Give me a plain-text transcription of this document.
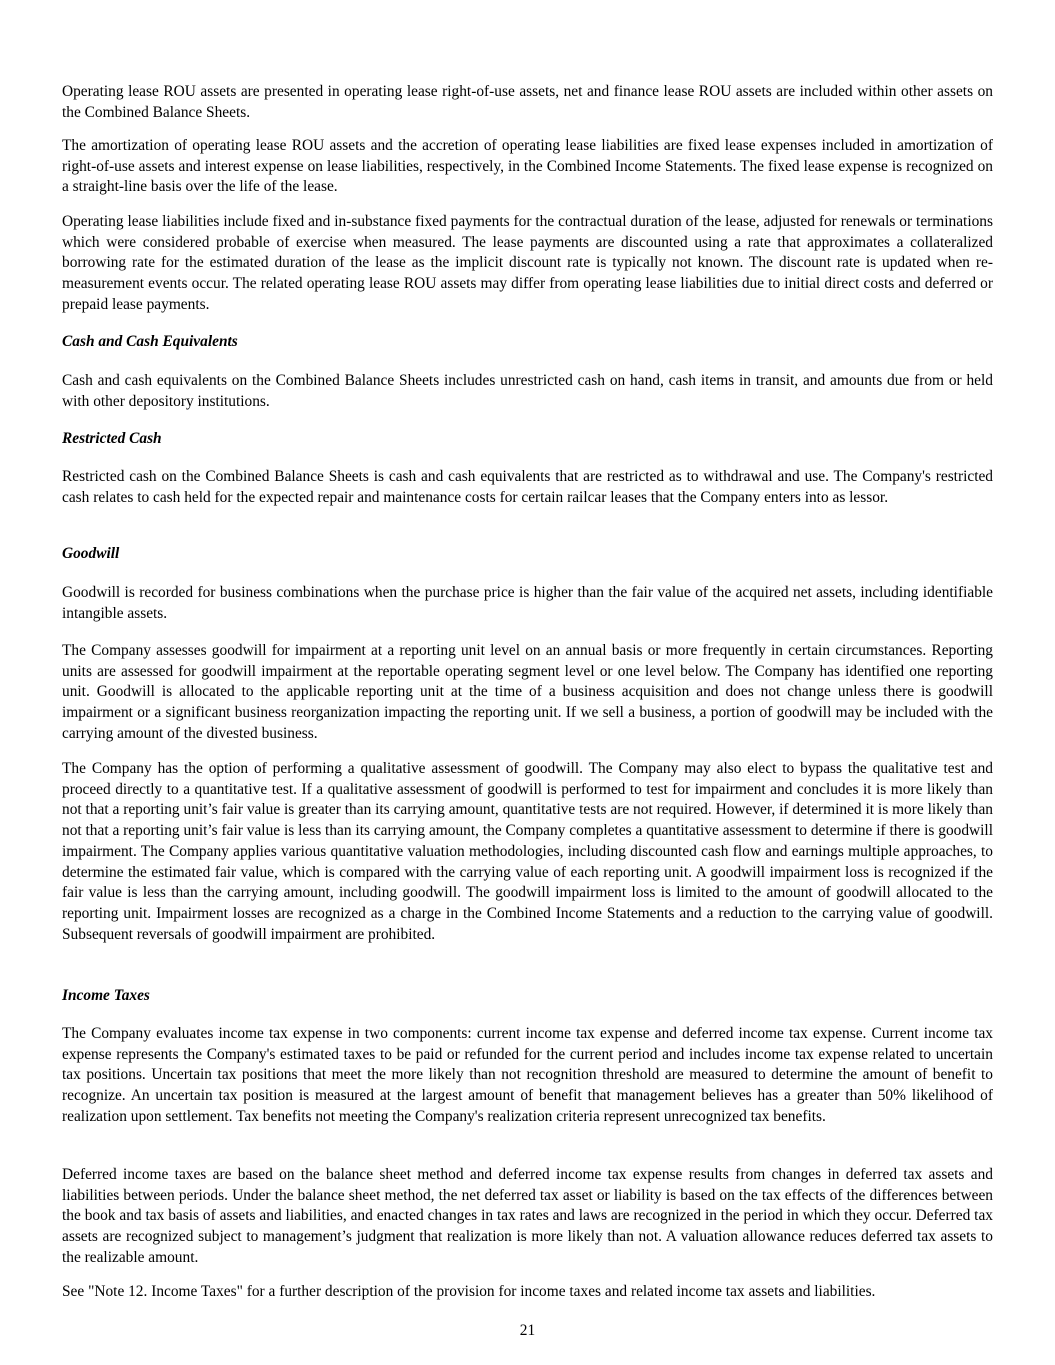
Operating lease ROU assets are presented in operating lease right-of-use assets, net and finance lease ROU assets are included within other assets on the Combined Balance Sheets.

The amortization of operating lease ROU assets and the accretion of operating lease liabilities are fixed lease expenses included in amortization of right-of-use assets and interest expense on lease liabilities, respectively, in the Combined Income Statements. The fixed lease expense is recognized on a straight-line basis over the life of the lease.

Operating lease liabilities include fixed and in-substance fixed payments for the contractual duration of the lease, adjusted for renewals or terminations which were considered probable of exercise when measured. The lease payments are discounted using a rate that approximates a collateralized borrowing rate for the estimated duration of the lease as the implicit discount rate is typically not known. The discount rate is updated when re-measurement events occur. The related operating lease ROU assets may differ from operating lease liabilities due to initial direct costs and deferred or prepaid lease payments.

Cash and Cash Equivalents

Cash and cash equivalents on the Combined Balance Sheets includes unrestricted cash on hand, cash items in transit, and amounts due from or held with other depository institutions.

Restricted Cash

Restricted cash on the Combined Balance Sheets is cash and cash equivalents that are restricted as to withdrawal and use. The Company's restricted cash relates to cash held for the expected repair and maintenance costs for certain railcar leases that the Company enters into as lessor.

Goodwill

Goodwill is recorded for business combinations when the purchase price is higher than the fair value of the acquired net assets, including identifiable intangible assets.

The Company assesses goodwill for impairment at a reporting unit level on an annual basis or more frequently in certain circumstances. Reporting units are assessed for goodwill impairment at the reportable operating segment level or one level below. The Company has identified one reporting unit. Goodwill is allocated to the applicable reporting unit at the time of a business acquisition and does not change unless there is goodwill impairment or a significant business reorganization impacting the reporting unit. If we sell a business, a portion of goodwill may be included with the carrying amount of the divested business.

The Company has the option of performing a qualitative assessment of goodwill. The Company may also elect to bypass the qualitative test and proceed directly to a quantitative test. If a qualitative assessment of goodwill is performed to test for impairment and concludes it is more likely than not that a reporting unit’s fair value is greater than its carrying amount, quantitative tests are not required. However, if determined it is more likely than not that a reporting unit’s fair value is less than its carrying amount, the Company completes a quantitative assessment to determine if there is goodwill impairment. The Company applies various quantitative valuation methodologies, including discounted cash flow and earnings multiple approaches, to determine the estimated fair value, which is compared with the carrying value of each reporting unit. A goodwill impairment loss is recognized if the fair value is less than the carrying amount, including goodwill. The goodwill impairment loss is limited to the amount of goodwill allocated to the reporting unit. Impairment losses are recognized as a charge in the Combined Income Statements and a reduction to the carrying value of goodwill. Subsequent reversals of goodwill impairment are prohibited.

Income Taxes

The Company evaluates income tax expense in two components: current income tax expense and deferred income tax expense. Current income tax expense represents the Company's estimated taxes to be paid or refunded for the current period and includes income tax expense related to uncertain tax positions. Uncertain tax positions that meet the more likely than not recognition threshold are measured to determine the amount of benefit to recognize. An uncertain tax position is measured at the largest amount of benefit that management believes has a greater than 50% likelihood of realization upon settlement. Tax benefits not meeting the Company's realization criteria represent unrecognized tax benefits.

Deferred income taxes are based on the balance sheet method and deferred income tax expense results from changes in deferred tax assets and liabilities between periods. Under the balance sheet method, the net deferred tax asset or liability is based on the tax effects of the differences between the book and tax basis of assets and liabilities, and enacted changes in tax rates and laws are recognized in the period in which they occur. Deferred tax assets are recognized subject to management’s judgment that realization is more likely than not. A valuation allowance reduces deferred tax assets to the realizable amount.

See "Note 12. Income Taxes" for a further description of the provision for income taxes and related income tax assets and liabilities.

21
